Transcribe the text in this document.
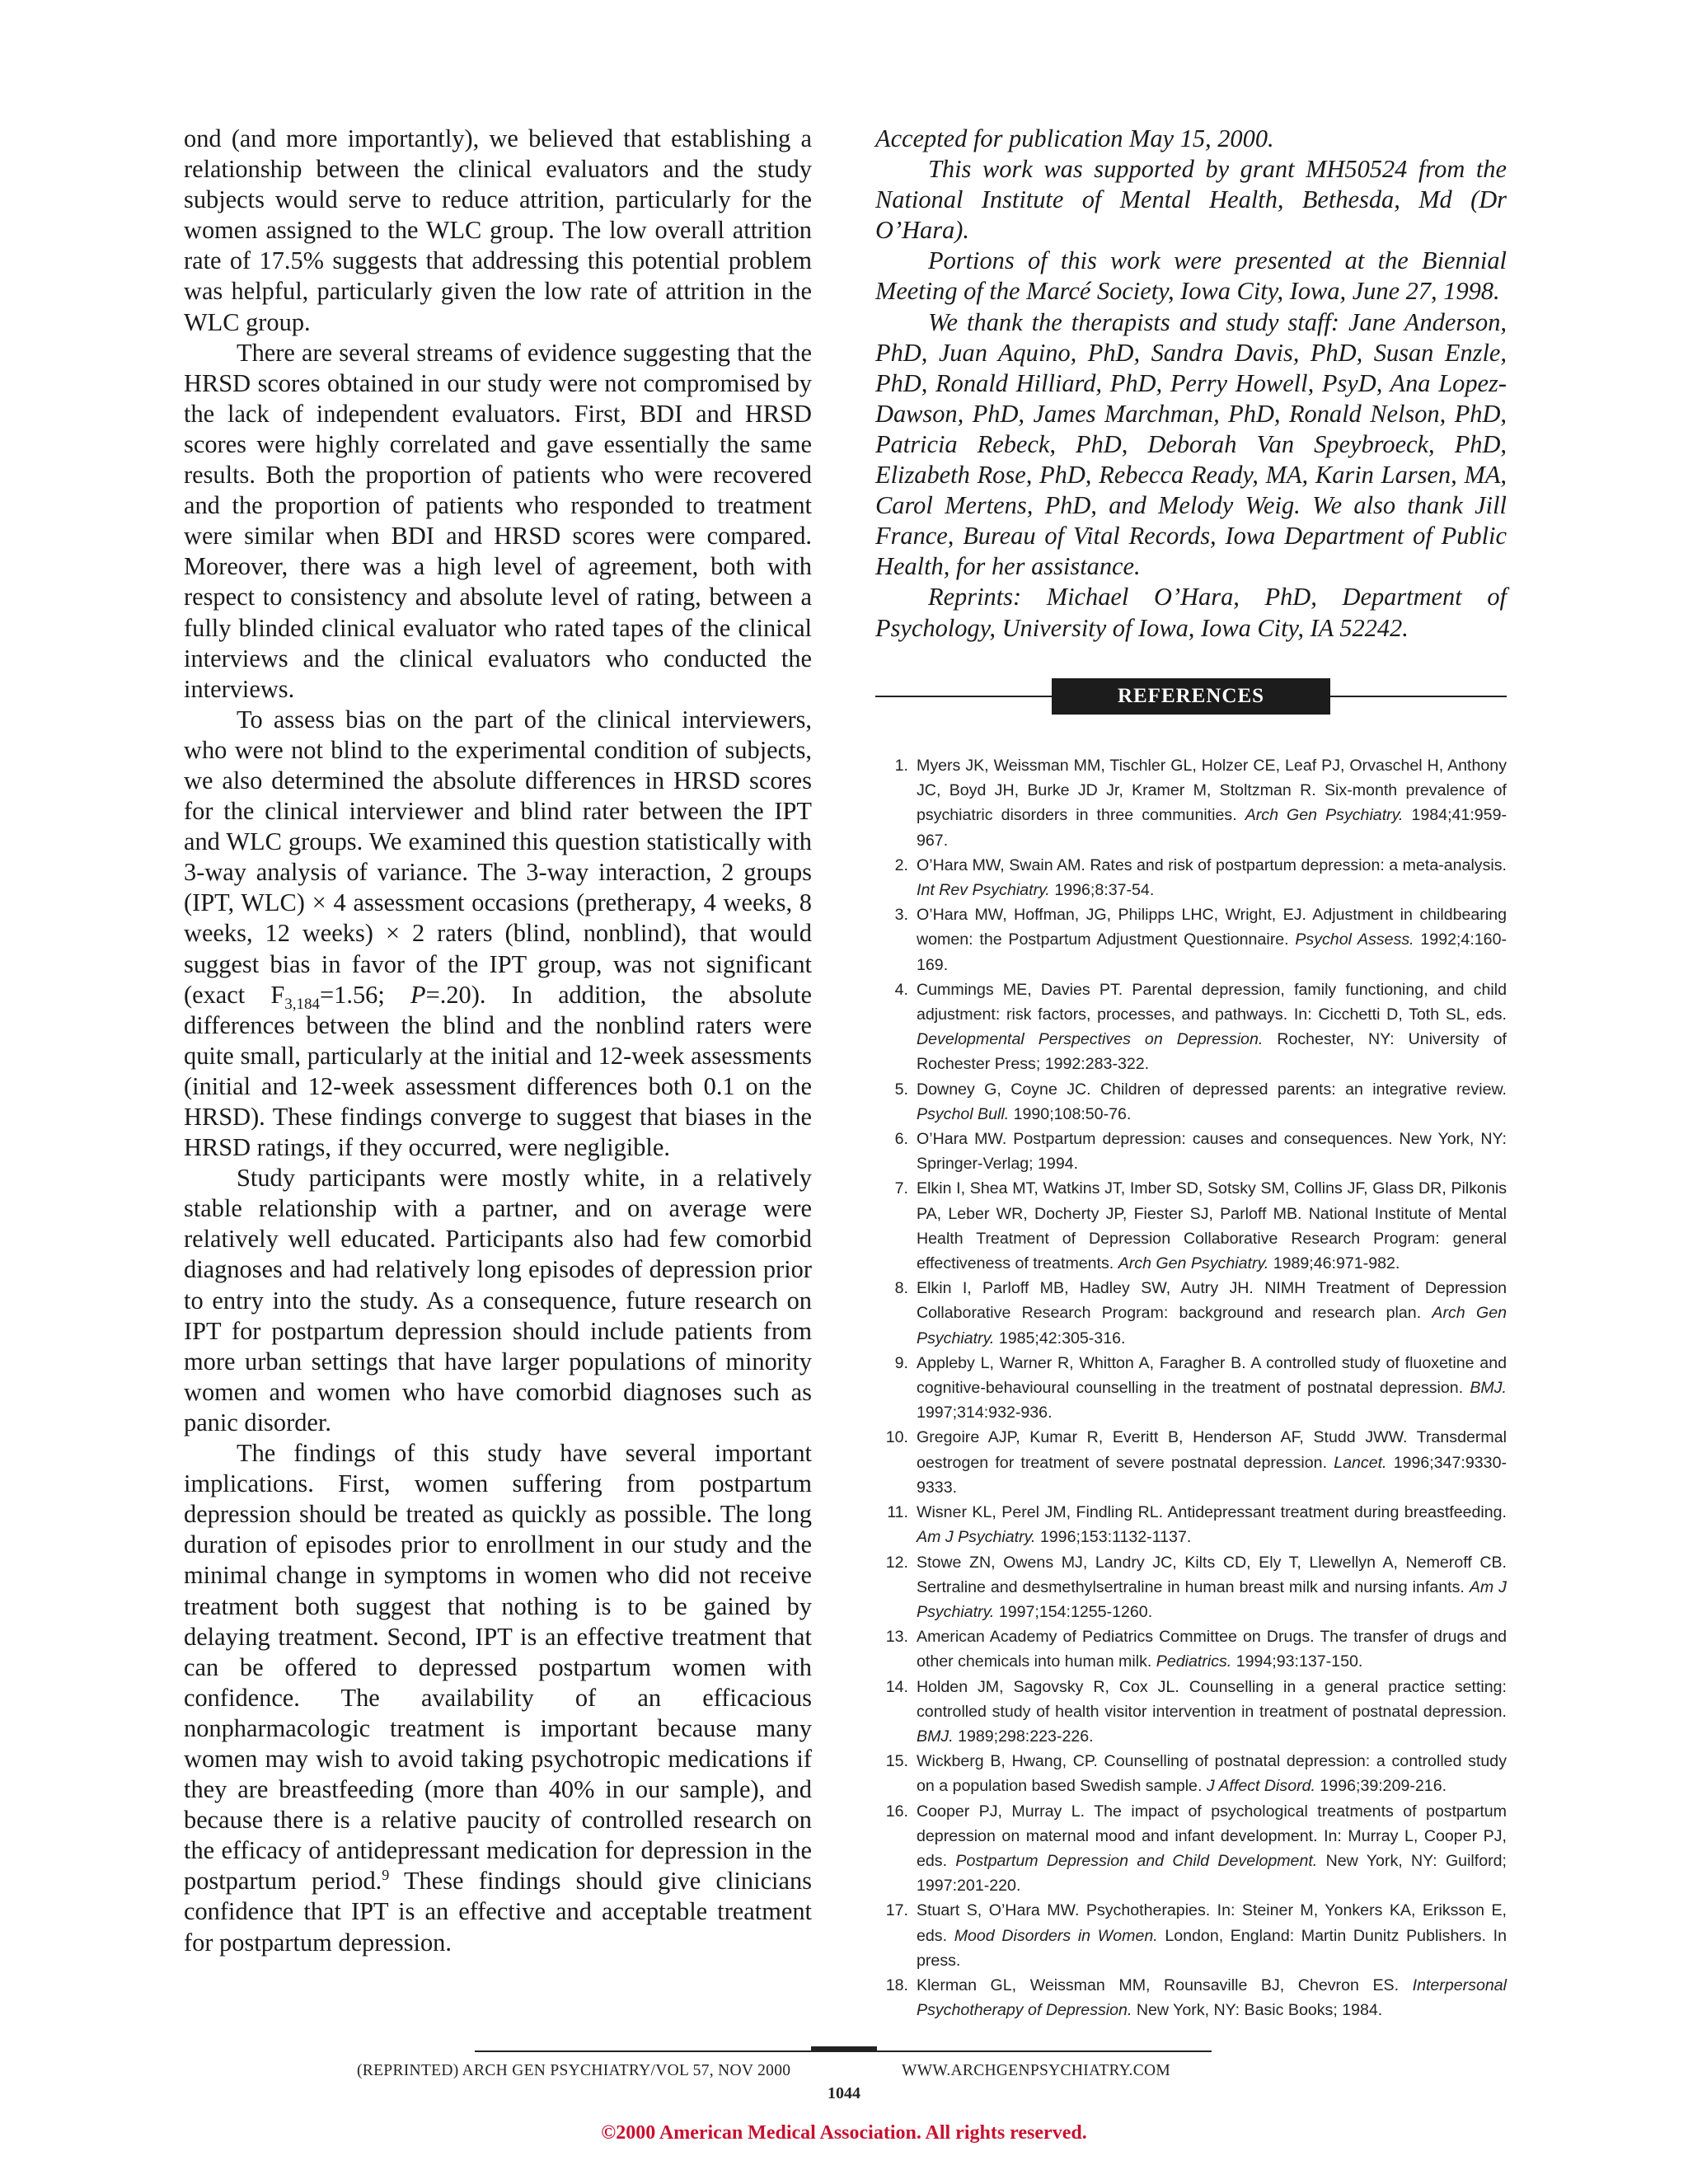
ond (and more importantly), we believed that establishing a relationship between the clinical evaluators and the study subjects would serve to reduce attrition, particularly for the women assigned to the WLC group. The low overall attrition rate of 17.5% suggests that addressing this potential problem was helpful, particularly given the low rate of attrition in the WLC group.

There are several streams of evidence suggesting that the HRSD scores obtained in our study were not compromised by the lack of independent evaluators. First, BDI and HRSD scores were highly correlated and gave essentially the same results. Both the proportion of patients who were recovered and the proportion of patients who responded to treatment were similar when BDI and HRSD scores were compared. Moreover, there was a high level of agreement, both with respect to consistency and absolute level of rating, between a fully blinded clinical evaluator who rated tapes of the clinical interviews and the clinical evaluators who conducted the interviews.

To assess bias on the part of the clinical interviewers, who were not blind to the experimental condition of subjects, we also determined the absolute differences in HRSD scores for the clinical interviewer and blind rater between the IPT and WLC groups. We examined this question statistically with 3-way analysis of variance. The 3-way interaction, 2 groups (IPT, WLC) × 4 assessment occasions (pretherapy, 4 weeks, 8 weeks, 12 weeks) × 2 raters (blind, nonblind), that would suggest bias in favor of the IPT group, was not significant (exact $F_{3,184}=1.56$; P=.20). In addition, the absolute differences between the blind and the nonblind raters were quite small, particularly at the initial and 12-week assessments (initial and 12-week assessment differences both 0.1 on the HRSD). These findings converge to suggest that biases in the HRSD ratings, if they occurred, were negligible.

Study participants were mostly white, in a relatively stable relationship with a partner, and on average were relatively well educated. Participants also had few comorbid diagnoses and had relatively long episodes of depression prior to entry into the study. As a consequence, future research on IPT for postpartum depression should include patients from more urban settings that have larger populations of minority women and women who have comorbid diagnoses such as panic disorder.

The findings of this study have several important implications. First, women suffering from postpartum depression should be treated as quickly as possible. The long duration of episodes prior to enrollment in our study and the minimal change in symptoms in women who did not receive treatment both suggest that nothing is to be gained by delaying treatment. Second, IPT is an effective treatment that can be offered to depressed postpartum women with confidence. The availability of an efficacious nonpharmacologic treatment is important because many women may wish to avoid taking psychotropic medications if they are breastfeeding (more than 40% in our sample), and because there is a relative paucity of controlled research on the efficacy of antidepressant medication for depression in the postpartum period.$^9$ These findings should give clinicians confidence that IPT is an effective and acceptable treatment for postpartum depression.

Accepted for publication May 15, 2000.

This work was supported by grant MH50524 from the National Institute of Mental Health, Bethesda, Md (Dr O’Hara).

Portions of this work were presented at the Biennial Meeting of the Marcé Society, Iowa City, Iowa, June 27, 1998.

We thank the therapists and study staff: Jane Anderson, PhD, Juan Aquino, PhD, Sandra Davis, PhD, Susan Enzle, PhD, Ronald Hilliard, PhD, Perry Howell, PsyD, Ana Lopez-Dawson, PhD, James Marchman, PhD, Ronald Nelson, PhD, Patricia Rebeck, PhD, Deborah Van Speybroeck, PhD, Elizabeth Rose, PhD, Rebecca Ready, MA, Karin Larsen, MA, Carol Mertens, PhD, and Melody Weig. We also thank Jill France, Bureau of Vital Records, Iowa Department of Public Health, for her assistance.

Reprints: Michael O’Hara, PhD, Department of Psychology, University of Iowa, Iowa City, IA 52242.

REFERENCES
1. Myers JK, Weissman MM, Tischler GL, Holzer CE, Leaf PJ, Orvaschel H, Anthony JC, Boyd JH, Burke JD Jr, Kramer M, Stoltzman R. Six-month prevalence of psychiatric disorders in three communities. Arch Gen Psychiatry. 1984;41:959-967.
2. O’Hara MW, Swain AM. Rates and risk of postpartum depression: a meta-analysis. Int Rev Psychiatry. 1996;8:37-54.
3. O’Hara MW, Hoffman, JG, Philipps LHC, Wright, EJ. Adjustment in childbearing women: the Postpartum Adjustment Questionnaire. Psychol Assess. 1992;4:160-169.
4. Cummings ME, Davies PT. Parental depression, family functioning, and child adjustment: risk factors, processes, and pathways. In: Cicchetti D, Toth SL, eds. Developmental Perspectives on Depression. Rochester, NY: University of Rochester Press; 1992:283-322.
5. Downey G, Coyne JC. Children of depressed parents: an integrative review. Psychol Bull. 1990;108:50-76.
6. O’Hara MW. Postpartum depression: causes and consequences. New York, NY: Springer-Verlag; 1994.
7. Elkin I, Shea MT, Watkins JT, Imber SD, Sotsky SM, Collins JF, Glass DR, Pilkonis PA, Leber WR, Docherty JP, Fiester SJ, Parloff MB. National Institute of Mental Health Treatment of Depression Collaborative Research Program: general effectiveness of treatments. Arch Gen Psychiatry. 1989;46:971-982.
8. Elkin I, Parloff MB, Hadley SW, Autry JH. NIMH Treatment of Depression Collaborative Research Program: background and research plan. Arch Gen Psychiatry. 1985;42:305-316.
9. Appleby L, Warner R, Whitton A, Faragher B. A controlled study of fluoxetine and cognitive-behavioural counselling in the treatment of postnatal depression. BMJ. 1997;314:932-936.
10. Gregoire AJP, Kumar R, Everitt B, Henderson AF, Studd JWW. Transdermal oestrogen for treatment of severe postnatal depression. Lancet. 1996;347:9330-9333.
11. Wisner KL, Perel JM, Findling RL. Antidepressant treatment during breastfeeding. Am J Psychiatry. 1996;153:1132-1137.
12. Stowe ZN, Owens MJ, Landry JC, Kilts CD, Ely T, Llewellyn A, Nemeroff CB. Sertraline and desmethylsertraline in human breast milk and nursing infants. Am J Psychiatry. 1997;154:1255-1260.
13. American Academy of Pediatrics Committee on Drugs. The transfer of drugs and other chemicals into human milk. Pediatrics. 1994;93:137-150.
14. Holden JM, Sagovsky R, Cox JL. Counselling in a general practice setting: controlled study of health visitor intervention in treatment of postnatal depression. BMJ. 1989;298:223-226.
15. Wickberg B, Hwang, CP. Counselling of postnatal depression: a controlled study on a population based Swedish sample. J Affect Disord. 1996;39:209-216.
16. Cooper PJ, Murray L. The impact of psychological treatments of postpartum depression on maternal mood and infant development. In: Murray L, Cooper PJ, eds. Postpartum Depression and Child Development. New York, NY: Guilford; 1997:201-220.
17. Stuart S, O’Hara MW. Psychotherapies. In: Steiner M, Yonkers KA, Eriksson E, eds. Mood Disorders in Women. London, England: Martin Dunitz Publishers. In press.
18. Klerman GL, Weissman MM, Rounsaville BJ, Chevron ES. Interpersonal Psychotherapy of Depression. New York, NY: Basic Books; 1984.
(REPRINTED) ARCH GEN PSYCHIATRY/VOL 57, NOV 2000	WWW.ARCHGENPSYCHIATRY.COM
1044
©2000 American Medical Association. All rights reserved.
